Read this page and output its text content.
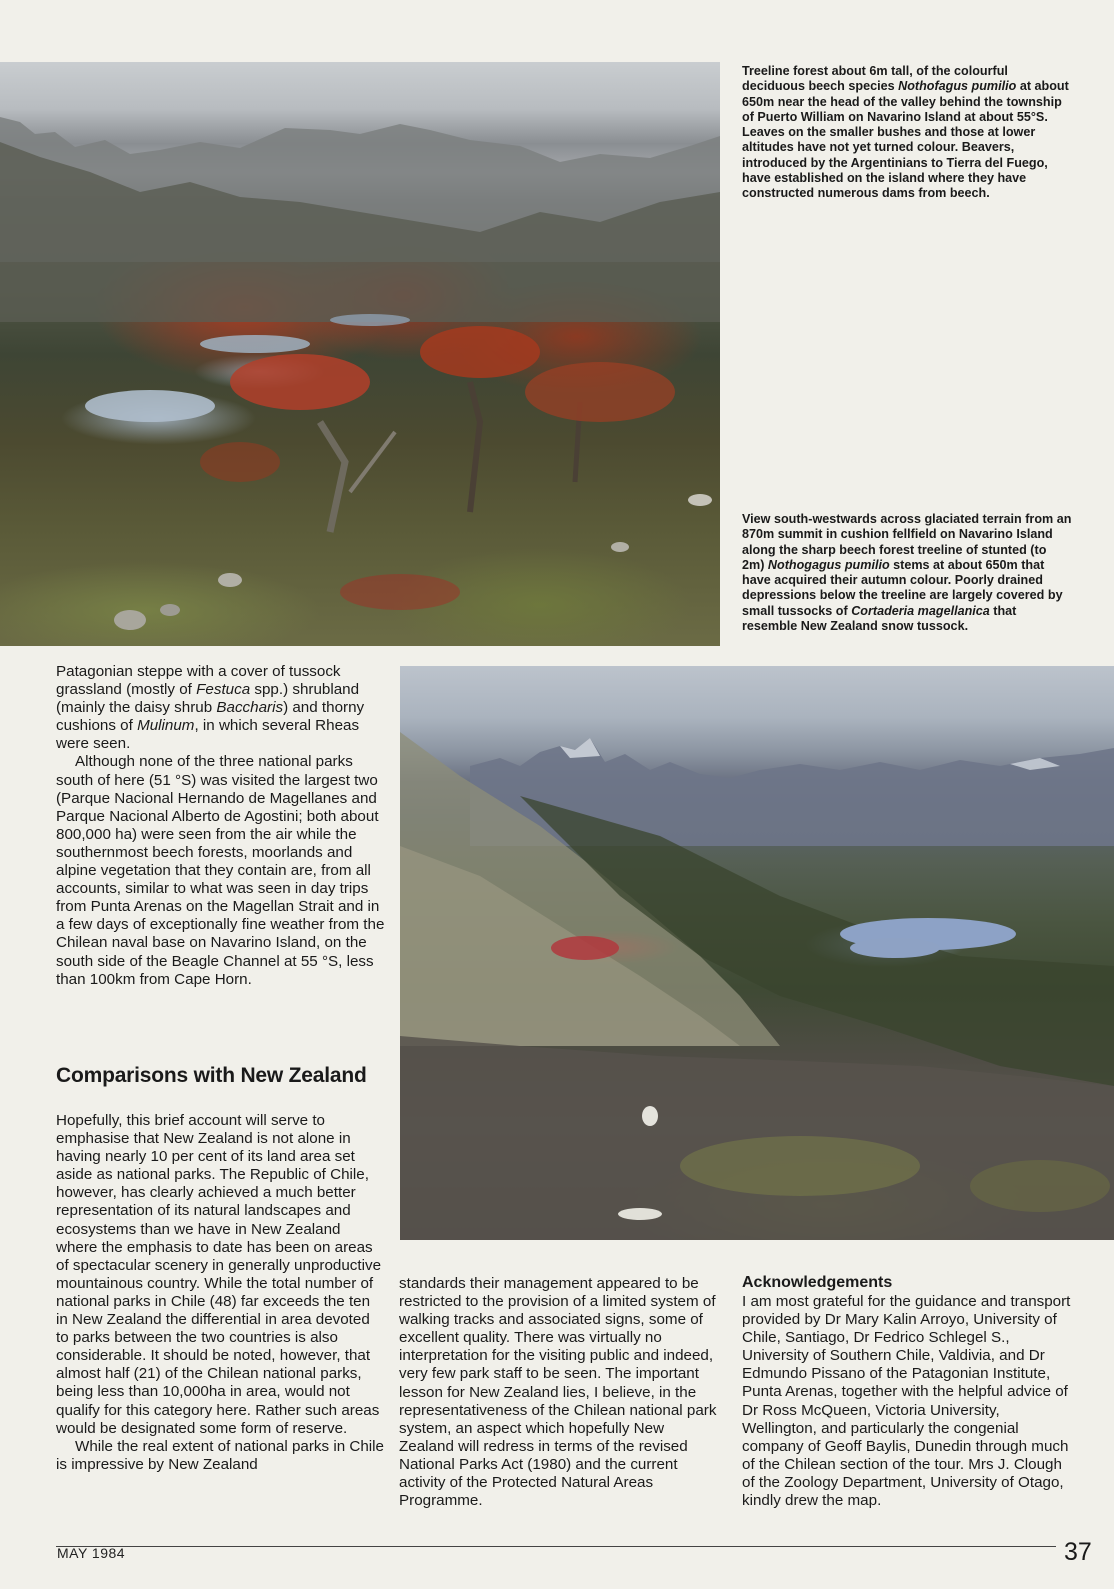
Treeline forest about 6m tall, of the colourful deciduous beech species Nothofagus pumilio at about 650m near the head of the valley behind the township of Puerto William on Navarino Island at about 55°S. Leaves on the smaller bushes and those at lower altitudes have not yet turned colour. Beavers, introduced by the Argentinians to Tierra del Fuego, have established on the island where they have constructed numerous dams from beech.
View south-westwards across glaciated terrain from an 870m summit in cushion fellfield on Navarino Island along the sharp beech forest treeline of stunted (to 2m) Nothogagus pumilio stems at about 650m that have acquired their autumn colour. Poorly drained depressions below the treeline are largely covered by small tussocks of Cortaderia magellanica that resemble New Zealand snow tussock.

Patagonian steppe with a cover of tussock grassland (mostly of Festuca spp.) shrubland (mainly the daisy shrub Baccharis) and thorny cushions of Mulinum, in which several Rheas were seen.

Although none of the three national parks south of here (51 °S) was visited the largest two (Parque Nacional Hernando de Magellanes and Parque Nacional Alberto de Agostini; both about 800,000 ha) were seen from the air while the southernmost beech forests, moorlands and alpine vegetation that they contain are, from all accounts, similar to what was seen in day trips from Punta Arenas on the Magellan Strait and in a few days of exceptionally fine weather from the Chilean naval base on Navarino Island, on the south side of the Beagle Channel at 55 °S, less than 100km from Cape Horn.

Comparisons with New Zealand

Hopefully, this brief account will serve to emphasise that New Zealand is not alone in having nearly 10 per cent of its land area set aside as national parks. The Republic of Chile, however, has clearly achieved a much better representation of its natural landscapes and ecosystems than we have in New Zealand where the emphasis to date has been on areas of spectacular scenery in generally unproductive mountainous country. While the total number of national parks in Chile (48) far exceeds the ten in New Zealand the differential in area devoted to parks between the two countries is also considerable. It should be noted, however, that almost half (21) of the Chilean national parks, being less than 10,000ha in area, would not qualify for this category here. Rather such areas would be designated some form of reserve.

While the real extent of national parks in Chile is impressive by New Zealand

standards their management appeared to be restricted to the provision of a limited system of walking tracks and associated signs, some of excellent quality. There was virtually no interpretation for the visiting public and indeed, very few park staff to be seen. The important lesson for New Zealand lies, I believe, in the representativeness of the Chilean national park system, an aspect which hopefully New Zealand will redress in terms of the revised National Parks Act (1980) and the current activity of the Protected Natural Areas Programme.

Acknowledgements

I am most grateful for the guidance and transport provided by Dr Mary Kalin Arroyo, University of Chile, Santiago, Dr Fedrico Schlegel S., University of Southern Chile, Valdivia, and Dr Edmundo Pissano of the Patagonian Institute, Punta Arenas, together with the helpful advice of Dr Ross McQueen, Victoria University, Wellington, and particularly the congenial company of Geoff Baylis, Dunedin through much of the Chilean section of the tour. Mrs J. Clough of the Zoology Department, University of Otago, kindly drew the map.

MAY 1984	37
